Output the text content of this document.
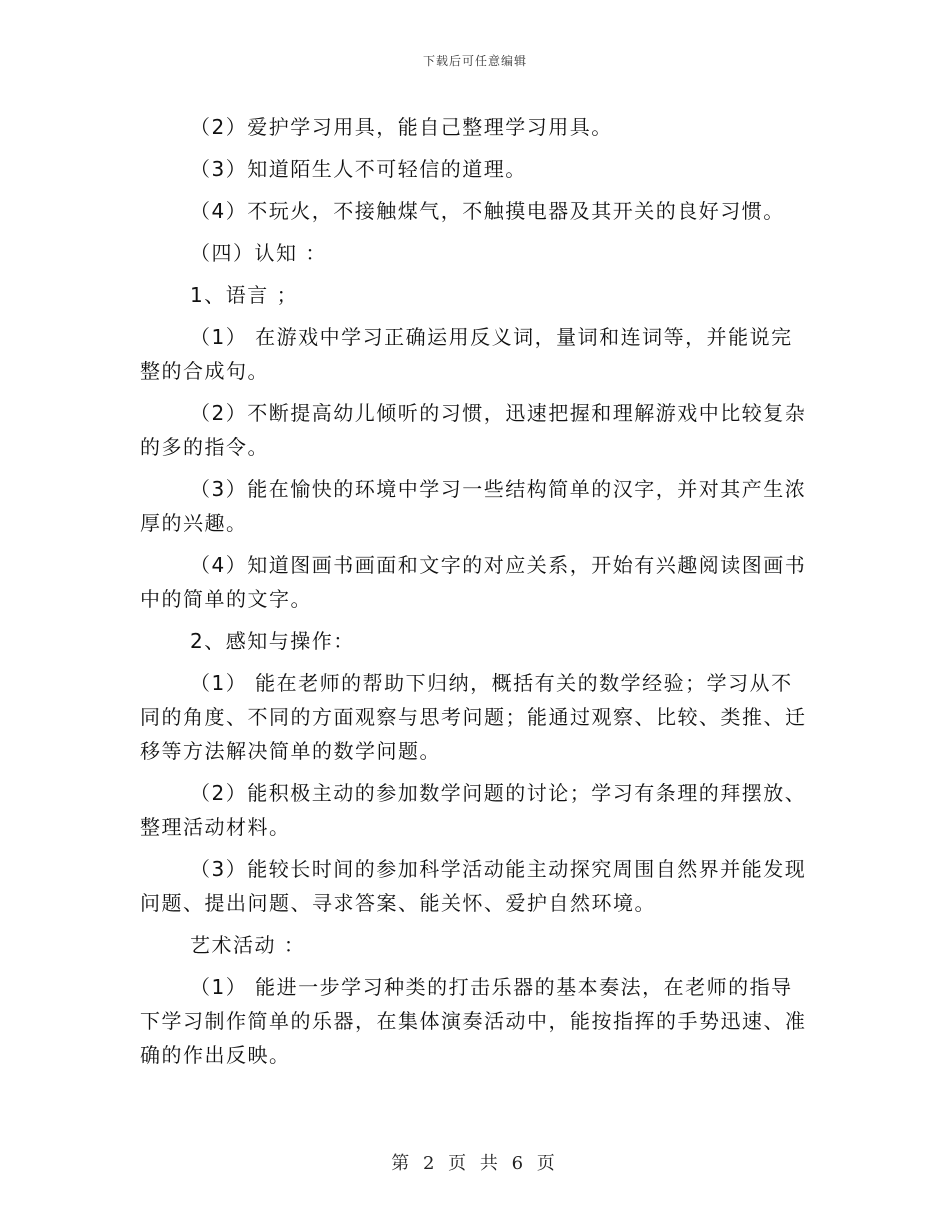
下载后可任意编辑

（2）爱护学习用具，能自己整理学习用具。

（3）知道陌生人不可轻信的道理。

（4）不玩火，不接触煤气，不触摸电器及其开关的良好习惯。

（四）认知 ：

1、语言 ；

（1） 在游戏中学习正确运用反义词，量词和连词等，并能说完整的合成句。

（2）不断提高幼儿倾听的习惯，迅速把握和理解游戏中比较复杂的多的指令。

（3）能在愉快的环境中学习一些结构简单的汉字，并对其产生浓厚的兴趣。

（4）知道图画书画面和文字的对应关系，开始有兴趣阅读图画书中的简单的文字。

2、感知与操作：

（1） 能在老师的帮助下归纳，概括有关的数学经验；学习从不同的角度、不同的方面观察与思考问题；能通过观察、比较、类推、迁移等方法解决简单的数学问题。

（2）能积极主动的参加数学问题的讨论；学习有条理的拜摆放、整理活动材料。

（3）能较长时间的参加科学活动能主动探究周围自然界并能发现问题、提出问题、寻求答案、能关怀、爱护自然环境。

艺术活动 ：

（1） 能进一步学习种类的打击乐器的基本奏法，在老师的指导下学习制作简单的乐器，在集体演奏活动中，能按指挥的手势迅速、准确的作出反映。

第 2 页 共 6 页
